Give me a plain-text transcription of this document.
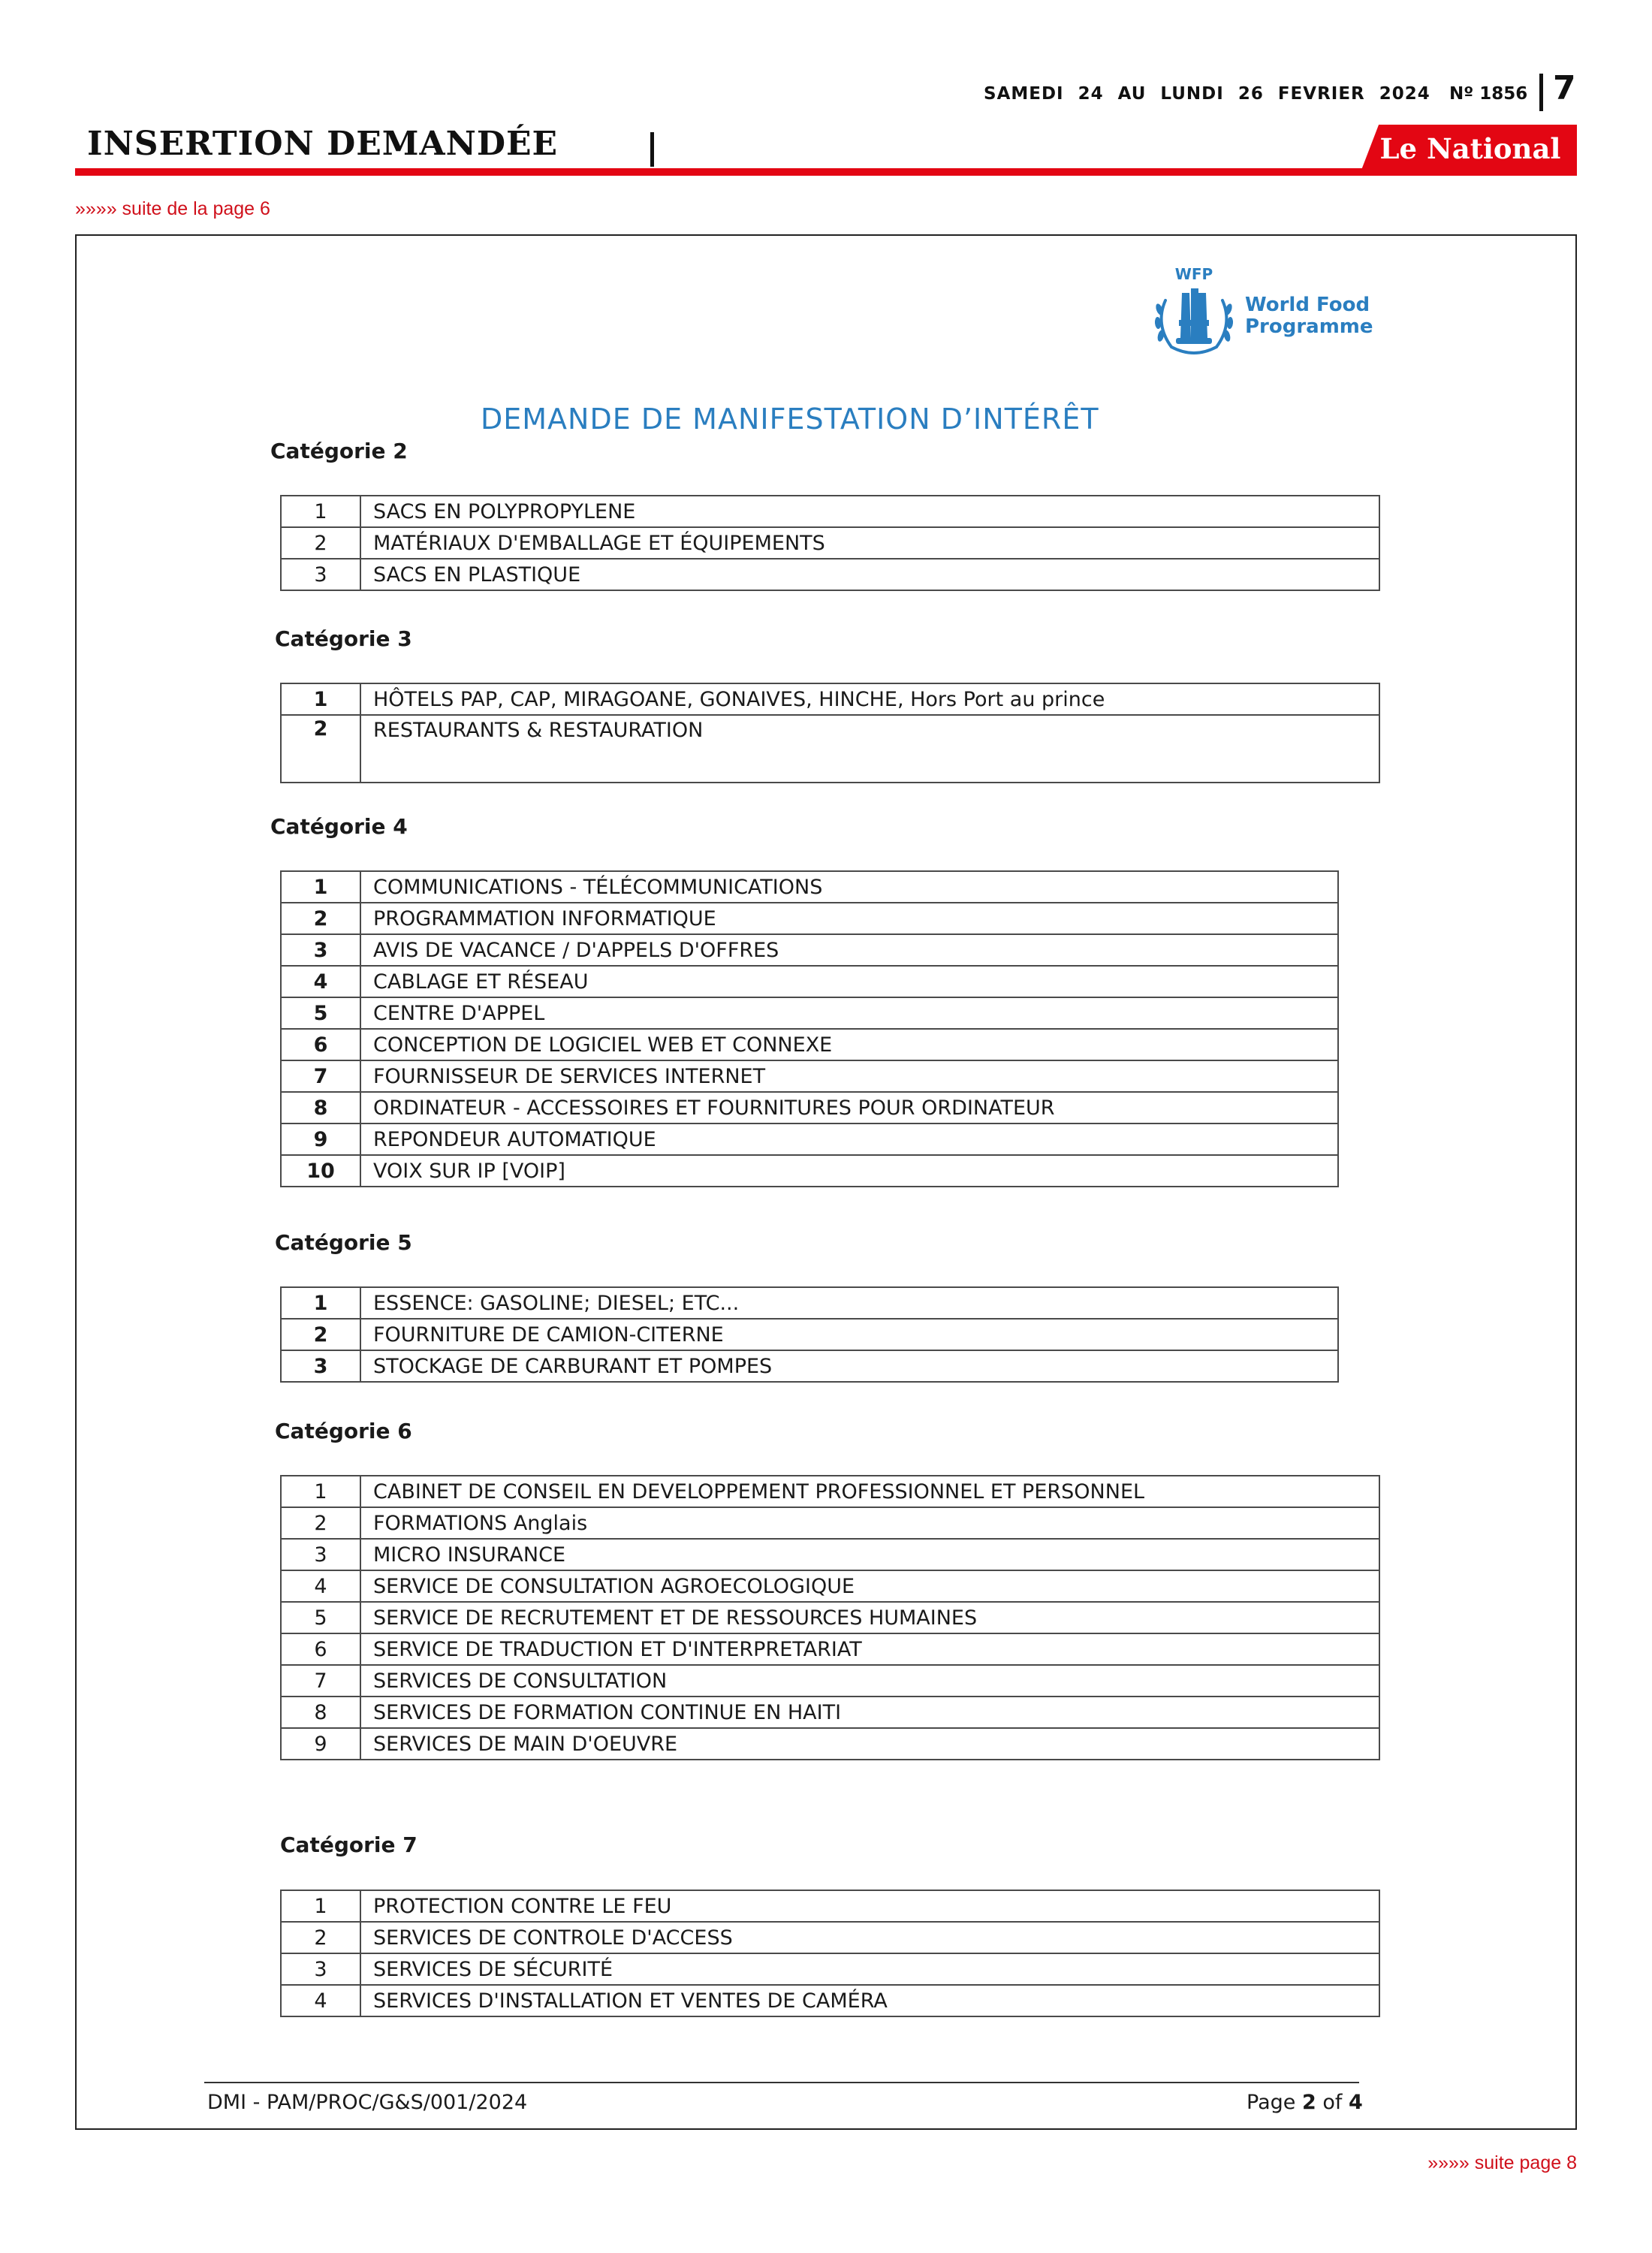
SAMEDI 24 AU LUNDI 26 FEVRIER 2024 Nº 1856 7
INSERTION DEMANDÉE	Le National
»»»» suite de la page 6
WFP
World Food
Programme
DEMANDE DE MANIFESTATION D’INTÉRÊT
Catégorie 2
1	SACS EN POLYPROPYLENE
2	MATÉRIAUX D'EMBALLAGE ET ÉQUIPEMENTS
3	SACS EN PLASTIQUE
Catégorie 3
1	HÔTELS PAP, CAP, MIRAGOANE, GONAIVES, HINCHE, Hors Port au prince
2	RESTAURANTS & RESTAURATION
Catégorie 4
1	COMMUNICATIONS - TÉLÉCOMMUNICATIONS
2	PROGRAMMATION INFORMATIQUE
3	AVIS DE VACANCE / D'APPELS D'OFFRES
4	CABLAGE ET RÉSEAU
5	CENTRE D'APPEL
6	CONCEPTION DE LOGICIEL WEB ET CONNEXE
7	FOURNISSEUR DE SERVICES INTERNET
8	ORDINATEUR - ACCESSOIRES ET FOURNITURES POUR ORDINATEUR
9	REPONDEUR AUTOMATIQUE
10	VOIX SUR IP [VOIP]
Catégorie 5
1	ESSENCE: GASOLINE; DIESEL; ETC...
2	FOURNITURE DE CAMION-CITERNE
3	STOCKAGE DE CARBURANT ET POMPES
Catégorie 6
1	CABINET DE CONSEIL EN DEVELOPPEMENT PROFESSIONNEL ET PERSONNEL
2	FORMATIONS Anglais
3	MICRO INSURANCE
4	SERVICE DE CONSULTATION AGROECOLOGIQUE
5	SERVICE DE RECRUTEMENT ET DE RESSOURCES HUMAINES
6	SERVICE DE TRADUCTION ET D'INTERPRETARIAT
7	SERVICES DE CONSULTATION
8	SERVICES DE FORMATION CONTINUE EN HAITI
9	SERVICES DE MAIN D'OEUVRE
Catégorie 7
1	PROTECTION CONTRE LE FEU
2	SERVICES DE CONTROLE D'ACCESS
3	SERVICES DE SÉCURITÉ
4	SERVICES D'INSTALLATION ET VENTES DE CAMÉRA
DMI - PAM/PROC/G&S/001/2024	Page 2 of 4
»»»» suite page 8
